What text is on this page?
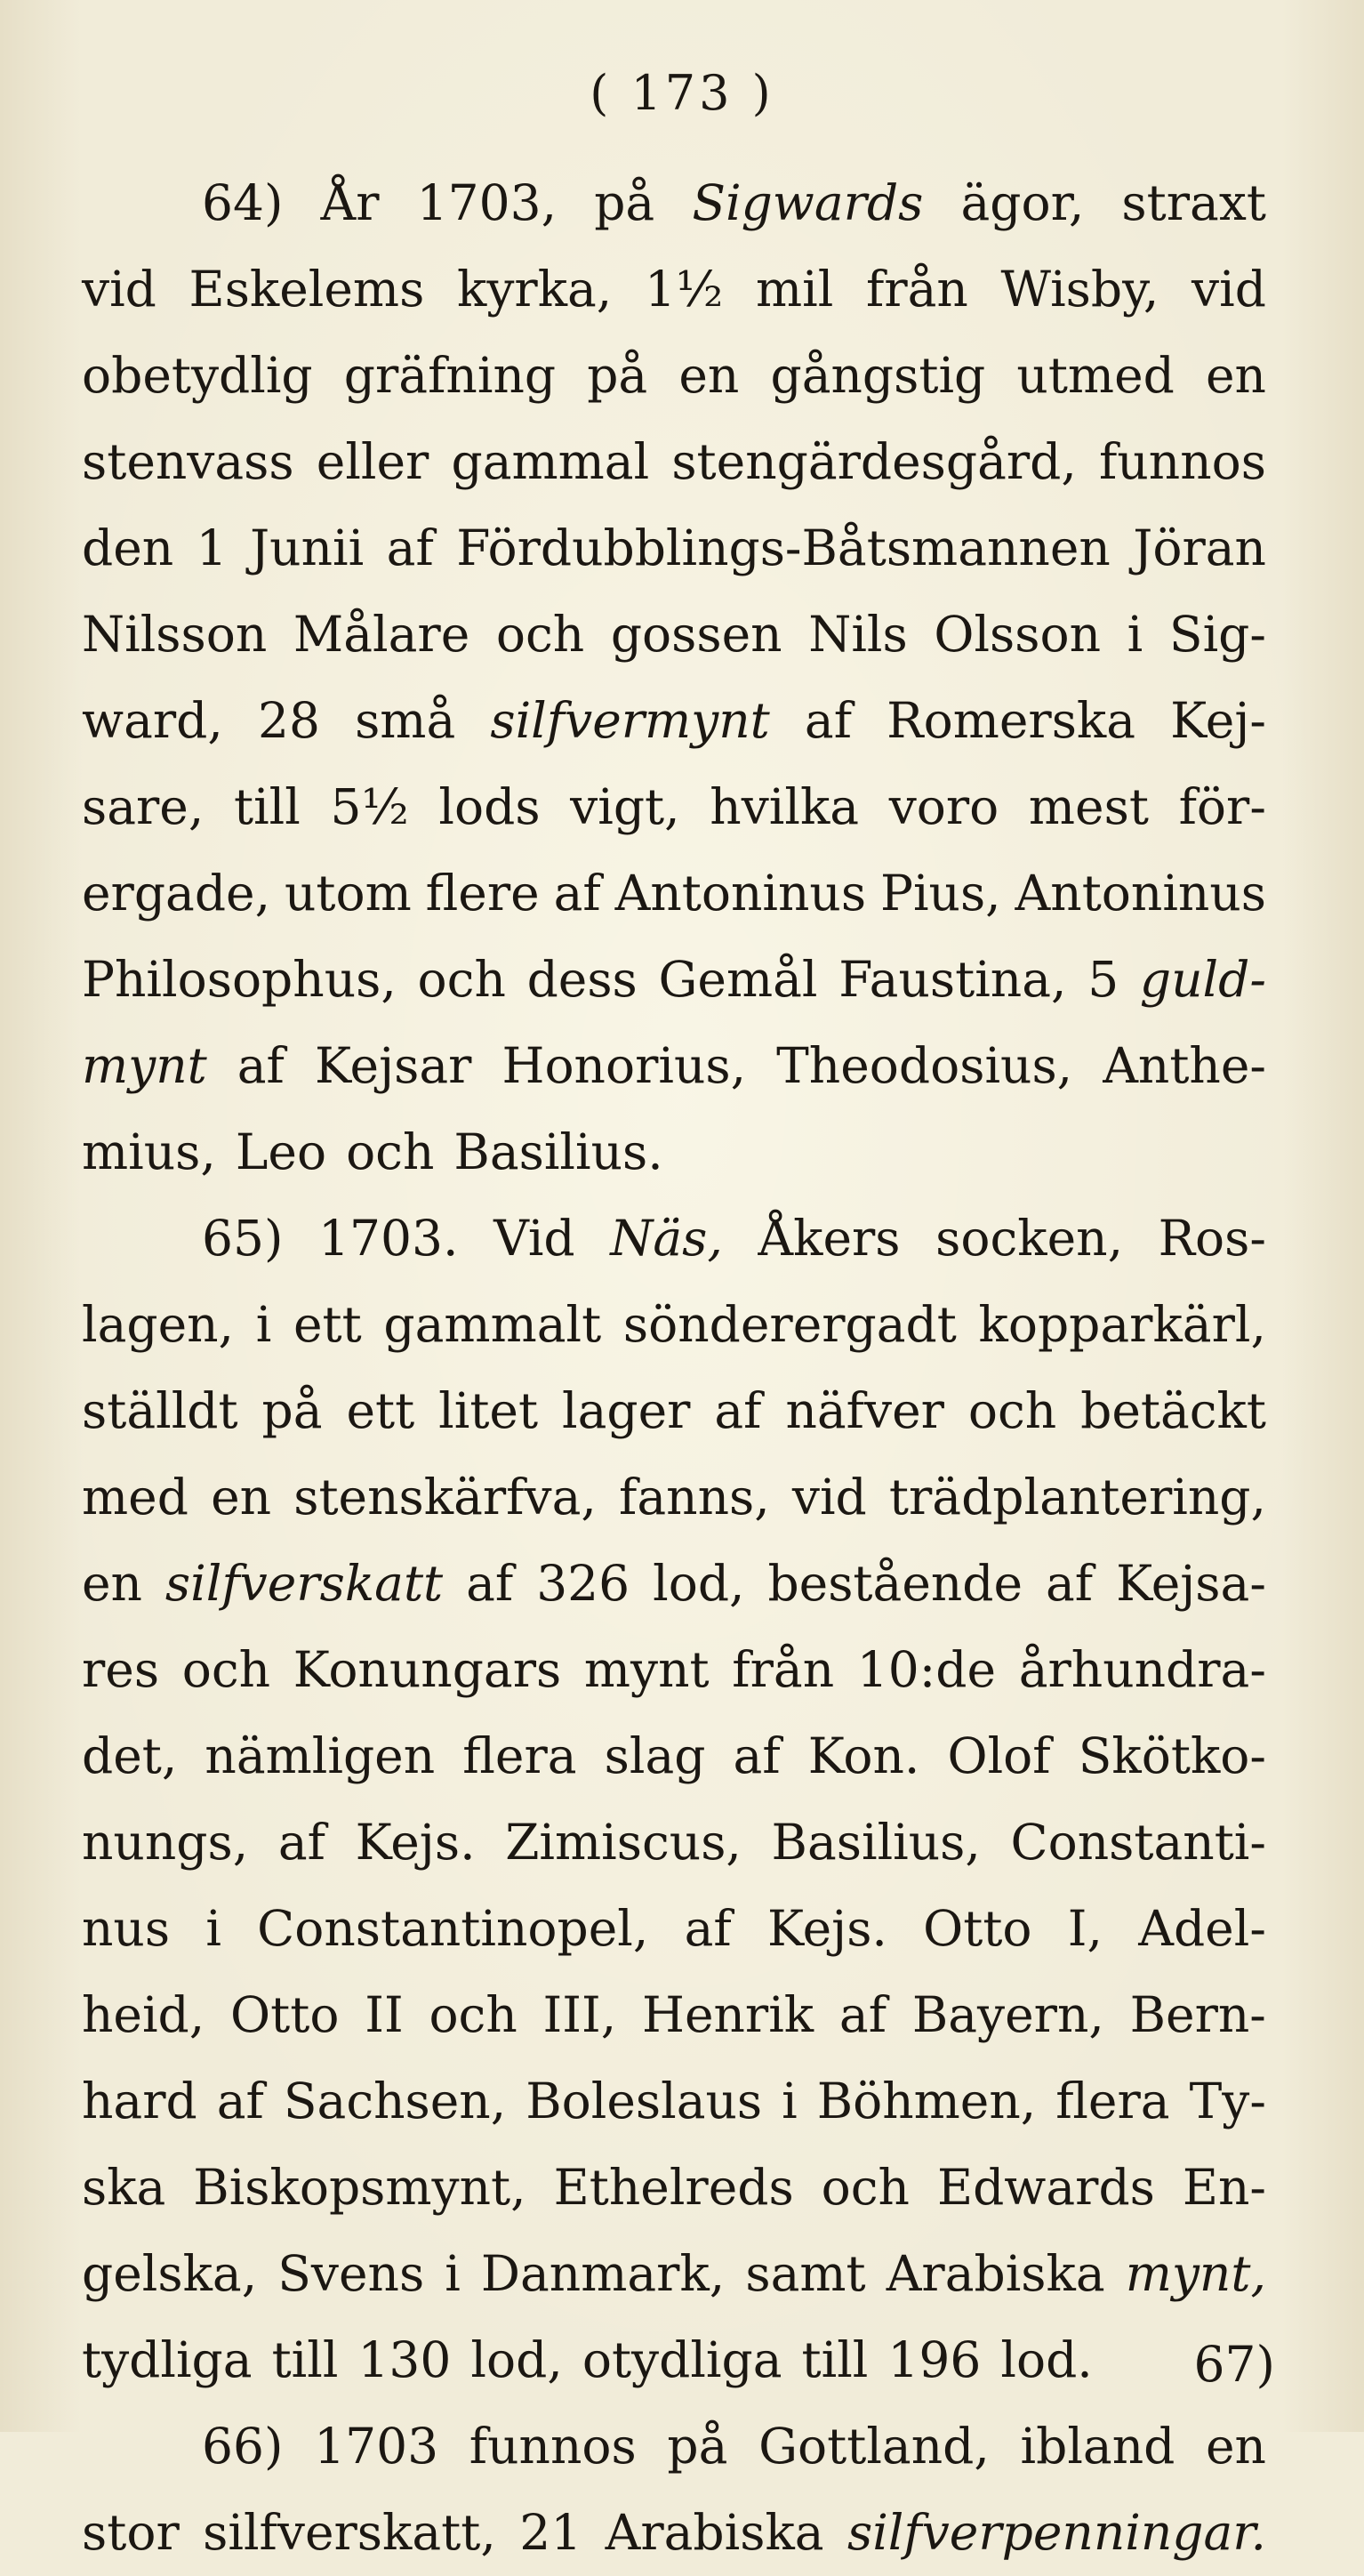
( 173 )
64) År 1703, på Sigwards ägor, straxt
vid Eskelems kyrka, 1½ mil från Wisby, vid
obetydlig gräfning på en gångstig utmed en
stenvass eller gammal stengärdesgård, funnos
den 1 Junii af Fördubblings-Båtsmannen Jöran
Nilsson Målare och gossen Nils Olsson i Sig-
ward, 28 små silfvermynt af Romerska Kej-
sare, till 5½ lods vigt, hvilka voro mest för-
ergade, utom flere af Antoninus Pius, Antoninus
Philosophus, och dess Gemål Faustina, 5 guld-
mynt af Kejsar Honorius, Theodosius, Anthe-
mius, Leo och Basilius.
65) 1703. Vid Näs, Åkers socken, Ros-
lagen, i ett gammalt sönderergadt kopparkärl,
ställdt på ett litet lager af näfver och betäckt
med en stenskärfva, fanns, vid trädplantering,
en silfverskatt af 326 lod, bestående af Kejsa-
res och Konungars mynt från 10:de århundra-
det, nämligen flera slag af Kon. Olof Skötko-
nungs, af Kejs. Zimiscus, Basilius, Constanti-
nus i Constantinopel, af Kejs. Otto I, Adel-
heid, Otto II och III, Henrik af Bayern, Bern-
hard af Sachsen, Boleslaus i Böhmen, flera Ty-
ska Biskopsmynt, Ethelreds och Edwards En-
gelska, Svens i Danmark, samt Arabiska mynt,
tydliga till 130 lod, otydliga till 196 lod.
66) 1703 funnos på Gottland, ibland en
stor silfverskatt, 21 Arabiska silfverpenningar.
67)
